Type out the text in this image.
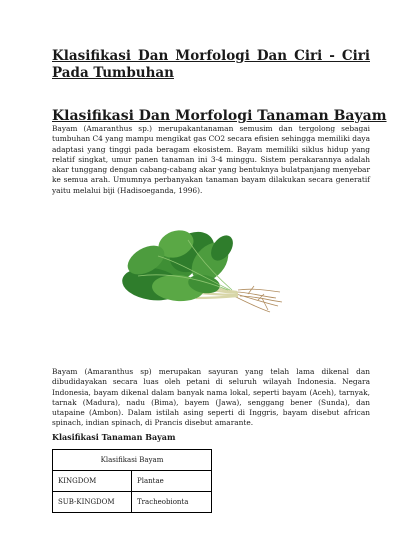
Klasifikasi Dan Morfologi Dan Ciri - Ciri Pada Tumbuhan
Klasifikasi Dan Morfologi Tanaman Bayam

Bayam (Amaranthus sp.) merupakantanaman semusim dan tergolong sebagai tumbuhan C4 yang mampu mengikat gas CO2 secara efisien sehingga memiliki daya adaptasi yang tinggi pada beragam ekosistem. Bayam memiliki siklus hidup yang relatif singkat, umur panen tanaman ini 3-4 minggu. Sistem perakarannya adalah akar tunggang dengan cabang-cabang akar yang bentuknya bulatpanjang menyebar ke semua arah. Umumnya perbanyakan tanaman bayam dilakukan secara generatif yaitu melalui biji (Hadisoeganda, 1996).

Bayam (Amaranthus sp) merupakan sayuran yang telah lama dikenal dan dibudidayakan secara luas oleh petani di seluruh wilayah Indonesia. Negara Indonesia, bayam dikenal dalam banyak nama lokal, seperti bayam (Aceh), tarnyak, tarnak (Madura), nadu (Bima), bayem (Jawa), senggang bener (Sunda), dan utapaine (Ambon). Dalam istilah asing seperti di Inggris, bayam disebut african spinach, indian spinach, di Prancis disebut amarante.

Klasifikasi Tanaman Bayam

Klasifikasi Bayam	
KINGDOM	Plantae
SUB-KINGDOM	Tracheobionta
